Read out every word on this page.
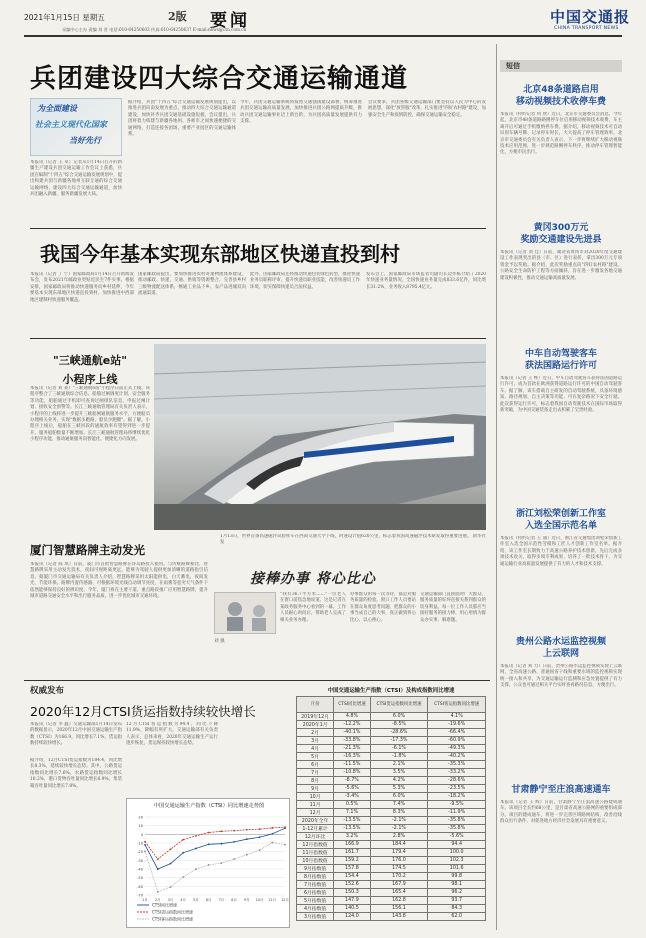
2021年1月15日 星期五	2版 要闻
采编中心主办 责编 刘 晋 电话:010-64250603 传真:010-64250637 E-mail:news@ctn.com.cn
中国交通报
CHINA TRANSPORT NEWS
兵团建设四大综合交通运输通道
为全面建设
社会主义现代化国家
当好先行
本报讯（记者 王 卓）记者从1月14日召开的新疆生产建设兵团交通运输工作会议上获悉，兵团在编制"十四五"综合交通运输发展规划中，提出构建兵团与新疆各地州互联互通的综合交通运输网络，建设四大综合交通运输通道，加快兵团融入新疆、服务新疆发展大局。
据介绍，兵团"十四五"综合交通运输发展规划提出，以推进兵团向南发展为重点，推动四大综合交通运输通道建设，加快补齐兵团交通基础设施短板。会议提出，兵团将着力构建与新疆各地州、各师市之间快速便捷的交通网络，打造连接各团场、重要产业园区的交通运输体系。
今年，兵团交通运输系统将按照交通强国建设部署，统筹推进兵团交通运输高质量发展，加快推进兵团公路网提质升级，推动兵团交通运输事业迈上新台阶，为兵团高质量发展提供有力支撑。
会议要求，兵团各级交通运输部门要坚持以人民为中心的发展思想，深化"放管服"改革，扎实推进"四好农村路"建设，加强安全生产和疫情防控，确保交通运输安全稳定。
我国今年基本实现东部地区快递直投到村
本报讯（记者 丁 宁）国家邮政局1月14日召开新闻发布会，发布2021年邮政业更贴近民生7件实事。根据安排，国家邮政局将推动快递服务向乡村延伸，今年要基本实现东部地区快递直投到村，加快推进中西部地区建制村快递服务覆盖。
国家邮政局提出，要加快推进农村寄递物流体系建设，推动邮政、快递、交通、供销等资源整合，完善县乡村三级物流配送体系，畅通工业品下乡、农产品进城双向流通渠道。
此外，国家邮政局还将推动快递包装绿色转型，推进快递业务员职称评审，提升快递员职业技能，改善快递员工作环境，切实保障快递员合法权益。
发布会上，国家邮政局市场监管司副司长边作栋介绍了2020年快递业务量情况，全国快递业务量完成833.6亿件，同比增长31.2%，业务收入8795.4亿元。
"三峡通航e站"
小程序上线
本报讯（记者 刘 秉）"三峡通航e站"小程序日前正式上线。该程序整合了三峡通航综合信息、船舶过闸调度计划、安全服务等功能，船舶通过手机即可查询过闸排队信息、申报过闸计划、接收安全预警等。长江三峡通航管理局有关负责人表示，小程序的上线将进一步提升三峡船闸通航服务水平，方便船员办理相关业务，实现"数据多跑路、船员少跑腿"。据了解，小程序上线后，船舶在三峡河段的通航效率有望得到进一步提升，服务船舶数量不断增加。长江三峡通航管理局将继续优化小程序功能，推动通航服务向智能化、便捷化方向发展。
1月13日，世界首条高速磁浮试验样车在西南交通大学下线，时速设计值620公里，标志着我国高速磁浮技术研发取得重要进展。 新华社发
厦门智慧路牌主动发光
本报讯（记者 陈 琪）日前，厦门市首批智慧路牌在环岛路投入使用。与传统路牌相比，智慧路牌采用主动发光技术，夜间可视距离更远，能够为驾驶人提供更加清晰的道路指引信息。据厦门市交通运输局有关负责人介绍，智慧路牌采用太阳能供电，白天蓄电、夜间发光，节能环保。路牌内置传感器，可根据环境光线自动调节亮度，在雨雾等恶劣天气条件下依然能够保持良好的辨识度。今年，厦门将在主要干道、重点路段推广应用智慧路牌，提升城市道路交通安全水平和出行服务品质，进一步优化城市交通环境。
接棒办事 将心比心
刘 强
"我有36.7平方米……"一位老人在窗口前焦急地说道。这是记者在某政务服务中心看到的一幕。工作人员耐心询问后，帮助老人完成了相关业务办理。
办事群众的每一次等待，都是对服务质量的检验。窗口工作人员要站在群众角度思考问题，把群众的小事当成自己的大事，真正做到将心比心、以心换心。
交通运输部门直接面对广大群众，服务质量的好坏直接关系到群众的切身利益。每一位工作人员都应当接好服务的接力棒，用心用情为群众办实事、解难题。
权威发布
2020年12月CTSI货运指数持续较快增长
本报讯（记者 李 鑫）交通运输部1月14日发布的数据显示，2020年12月中国交通运输生产指数（CTSI）为166.9，同比增长7.1%，货运指数持续较快增长。
据介绍，12月CTSI货运指数为184.4，同比增长8.3%，延续较快增长态势。其中，公路货运指数同比增长7.6%，水路货运指数同比增长10.2%，港口货物吞吐量同比增长6.9%，集装箱吞吐量同比增长7.8%。
12月CTSI客运指数为94.4，同比下降11.9%，降幅有所扩大。交通运输部有关负责人表示，总体来看，2020年交通运输生产运行逐步恢复，货运保持较快增长态势。
中国交通运输生产指数（CTSI）同比增速走势图
-70
-60
-50
-40
-30
-20
-10
0
10
20
1月 2月 3月 4月 5月 6月 7月 8月 9月 10月 11月 12月
CTSI同比增速
CTSI货运指数同比增速
CTSI客运指数同比增速
中国交通运输生产指数（CTSI）及构成指数同比增速
月份	CTSI同比增速	CTSI货运指数同比增速	CTSI客运指数同比增速
2019年12月	4.8%	6.0%	4.1%
2020年1月	-12.2%	-8.5%	-19.6%
2月	-40.1%	-28.6%	-66.4%
3月	-33.8%	-17.3%	-60.9%
4月	-21.3%	-6.1%	-49.3%
5月	-16.3%	-1.8%	-40.2%
6月	-11.5%	2.1%	-35.3%
7月	-10.8%	3.5%	-33.2%
8月	-8.7%	4.2%	-28.6%
9月	-5.6%	5.3%	-23.5%
10月	-3.4%	6.0%	-18.2%
11月	0.5%	7.4%	-9.5%
12月	7.1%	8.3%	-11.9%
2020年全年	-13.5%	-2.1%	-35.8%
1-12月累计	-13.5%	-2.1%	-35.8%
12月环比	3.2%	2.8%	-5.6%
12月指数值	166.9	184.4	94.4
11月指数值	161.7	179.4	100.0
10月指数值	159.2	176.0	102.3
9月指数值	157.8	174.5	101.6
8月指数值	154.4	170.2	99.8
7月指数值	152.6	167.9	98.1
6月指数值	150.3	165.4	96.2
5月指数值	147.9	162.8	93.7
4月指数值	140.5	156.1	84.3
3月指数值	124.0	143.8	62.0
短信
北京48条道路启用
移动视频技术收停车费
本报讯（特约记者 何 欣）近日，北京市交通委员会消息，今年起，北京市48条道路路侧停车位启用移动视频技术收费，车主离开后可通过手机缴纳停车费。据介绍，移动视频技术可自动识别车辆号牌、记录停车时长，大大提高了停车管理效率。北京市交通委员会有关负责人表示，下一步将继续扩大移动视频技术应用范围，进一步规范路侧停车秩序，推动停车管理智能化，方便市民出行。
黄冈300万元
奖励交通建设先进县
本报讯（记者 刘 佳）日前，湖北省黄冈市对2020年度交通建设工作表现突出的县（市、区）进行表彰，拿出300万元专项资金予以奖励。据介绍，此次奖励重点向"四好农村路"建设、公路安全生命防护工程等方面倾斜，旨在进一步激发各地交通建设积极性，推动交通运输高质量发展。
中车自动驾驶客车
获法国路运行许可
本报讯（记者 王 桦）近日，中车自动驾驶客车获得法国道路运行许可，成为首款在欧洲获得道路运行许可的中国自动驾驶客车。据了解，该车搭载自主研发的自动驾驶系统，具备环境感知、路径规划、自主决策等功能，可在复杂路况下安全行驶。此次获得运行许可，标志着我国自动驾驶技术在国际市场取得新突破，为中国交通装备走出去积累了宝贵经验。
浙江刘松荣创新工作室
入选全国示范名单
本报讯（特约记者 王 涌）近日，浙江省交通集团刘松荣创新工作室入选全国示范性劳模和工匠人才创新工作室名单。据介绍，该工作室长期致力于高速公路养护技术创新，先后完成多项技术攻关，取得多项专利成果，培养了一批技术骨干，为交通运输行业高质量发展提供了有力的人才和技术支撑。
贵州公路水运监控视频
上云联网
本报讯（记者 刘 力）日前，贵州公路水运监控视频实现上云联网，全省高速公路、普通国省干线和重要水域的监控视频实现统一接入和共享，为交通运输运行监测和应急处置提供了有力支撑，公众也可通过相关平台实时查看路况信息，方便出行。
甘肃静宁至庄浪高速通车
本报讯（记者 王 辉）日前，甘肃静宁至庄浪高速公路建成通车。该项目全长约68公里，是甘肃省高速公路网的重要组成部分。项目的建成通车，将进一步完善区域路网结构，改善沿线群众出行条件，对促进地方经济社会发展具有重要意义。
